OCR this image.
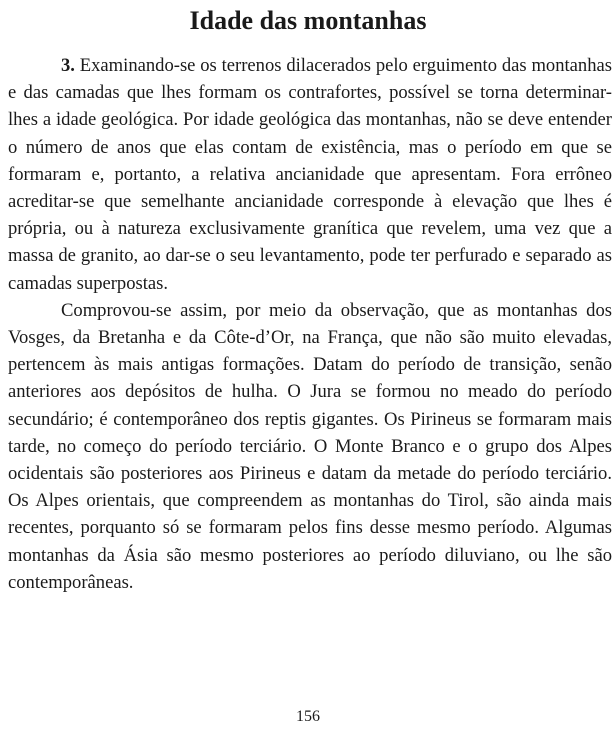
Idade das montanhas

3. Examinando-se os terrenos dilacerados pelo erguimento das montanhas e das camadas que lhes formam os contrafortes, possível se torna determinar-lhes a idade geológica. Por idade geológica das montanhas, não se deve entender o número de anos que elas contam de existência, mas o período em que se formaram e, portanto, a relativa ancianidade que apresentam. Fora errôneo acreditar-se que semelhante ancianidade corresponde à elevação que lhes é própria, ou à natureza exclusivamente granítica que revelem, uma vez que a massa de granito, ao dar-se o seu levantamento, pode ter perfurado e separado as camadas superpostas.

Comprovou-se assim, por meio da observação, que as montanhas dos Vosges, da Bretanha e da Côte-d’Or, na França, que não são muito elevadas, pertencem às mais antigas formações. Datam do período de transição, senão anteriores aos depósitos de hulha. O Jura se formou no meado do período secundário; é contemporâneo dos reptis gigantes. Os Pirineus se formaram mais tarde, no começo do período terciário. O Monte Branco e o grupo dos Alpes ocidentais são posteriores aos Pirineus e datam da metade do período terciário. Os Alpes orientais, que compreendem as montanhas do Tirol, são ainda mais recentes, porquanto só se formaram pelos fins desse mesmo período. Algumas montanhas da Ásia são mesmo posteriores ao período diluviano, ou lhe são contemporâneas.

156
